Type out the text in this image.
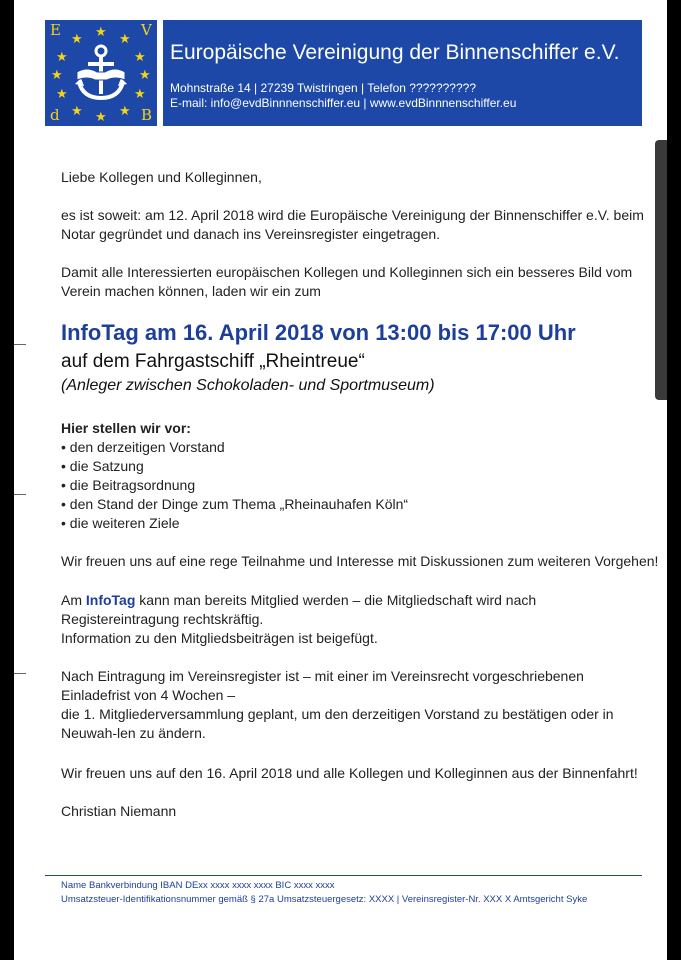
E	V
d	B
★ ★
★
★
★
★
★
★
★
★
★
★
Europäische Vereinigung der Binnenschiffer e.V.
Mohnstraße 14 | 27239 Twistringen | Telefon ??????????
E-mail: info@evdBinnnenschiffer.eu | www.evdBinnnenschiffer.eu
Liebe Kollegen und Kolleginnen,
es ist soweit: am 12. April 2018 wird die Europäische Vereinigung der Binnenschiffer e.V. beim Notar gegründet und danach ins Vereinsregister eingetragen.
Damit alle Interessierten europäischen Kollegen und Kolleginnen sich ein besseres Bild vom Verein machen können, laden wir ein zum
InfoTag am 16. April 2018 von 13:00 bis 17:00 Uhr
auf dem Fahrgastschiff „Rheintreue“
(Anleger zwischen Schokoladen- und Sportmuseum)
Hier stellen wir vor:
• den derzeitigen Vorstand
• die Satzung
• die Beitragsordnung
• den Stand der Dinge zum Thema „Rheinauhafen Köln“
• die weiteren Ziele
Wir freuen uns auf eine rege Teilnahme und Interesse mit Diskussionen zum weiteren Vorgehen!
Am InfoTag kann man bereits Mitglied werden – die Mitgliedschaft wird nach Registereintragung rechtskräftig.
Information zu den Mitgliedsbeiträgen ist beigefügt.
Nach Eintragung im Vereinsregister ist – mit einer im Vereinsrecht vorgeschriebenen Einladefrist von 4 Wochen –
die 1. Mitgliederversammlung geplant, um den derzeitigen Vorstand zu bestätigen oder in Neuwah-len zu ändern.
Wir freuen uns auf den 16. April 2018 und alle Kollegen und Kolleginnen aus der Binnenfahrt!
Christian Niemann
Name Bankverbindung IBAN DExx xxxx xxxx xxxx BIC xxxx xxxx
Umsatzsteuer-Identifikationsnummer gemäß § 27a Umsatzsteuergesetz: XXXX | Vereinsregister-Nr. XXX X Amtsgericht Syke
